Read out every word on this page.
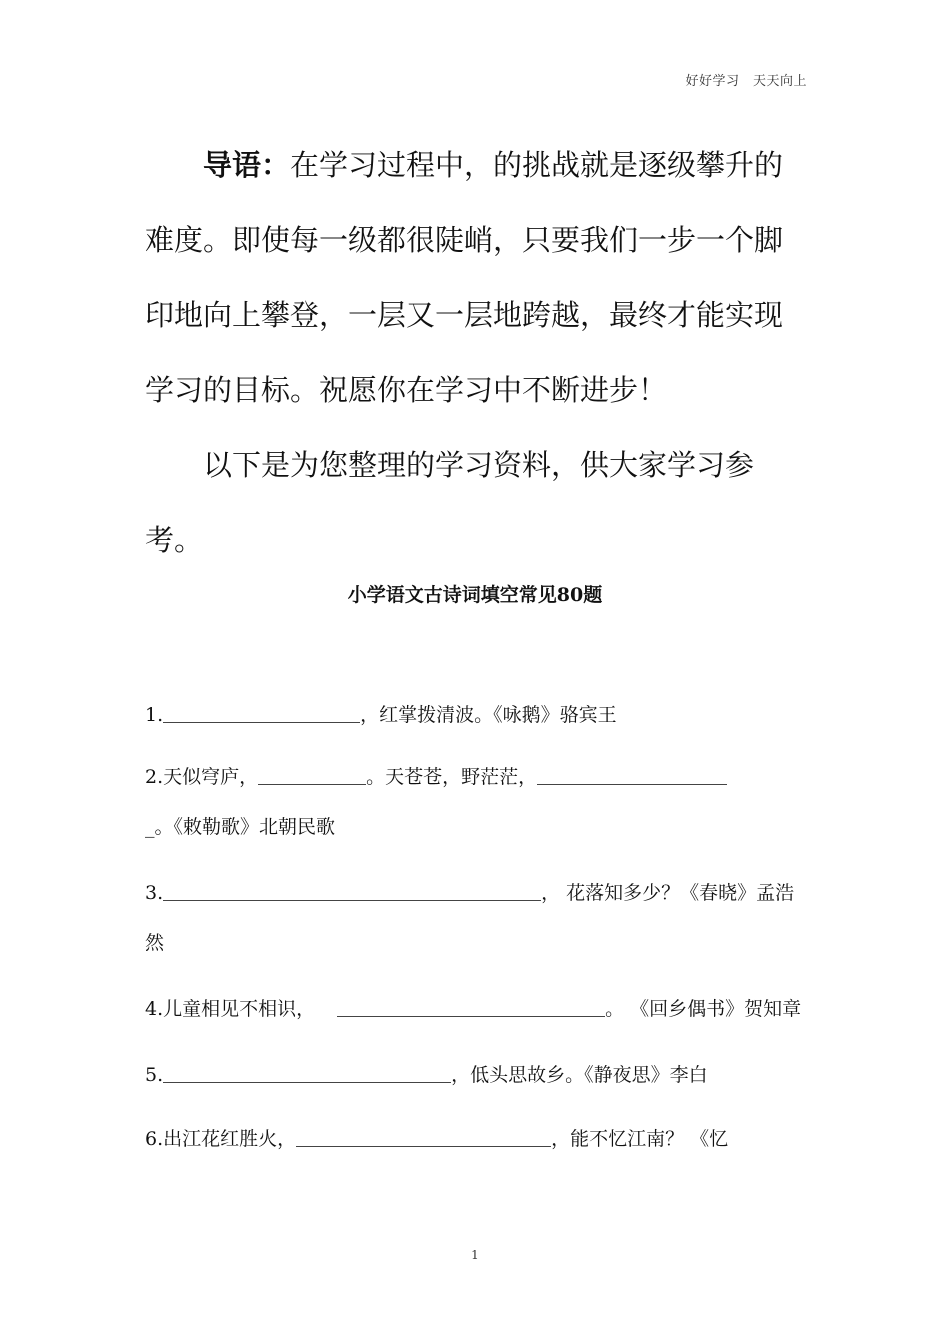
好好学习　天天向上

导语：在学习过程中，的挑战就是逐级攀升的难度。即使每一级都很陡峭，只要我们一步一个脚印地向上攀登，一层又一层地跨越，最终才能实现学习的目标。祝愿你在学习中不断进步！

以下是为您整理的学习资料，供大家学习参考。

小学语文古诗词填空常见80题
1.	，红掌拨清波。《咏鹅》骆宾王
2.天似穹庐，	。天苍苍，野茫茫，
_。《敕勒歌》北朝民歌
3.	， 花落知多少？《春晓》孟浩然
4.儿童相见不相识，	。 《回乡偶书》贺知章
5.	，低头思故乡。《静夜思》李白
6.出江花红胜火，	，能不忆江南？ 《忆
1
